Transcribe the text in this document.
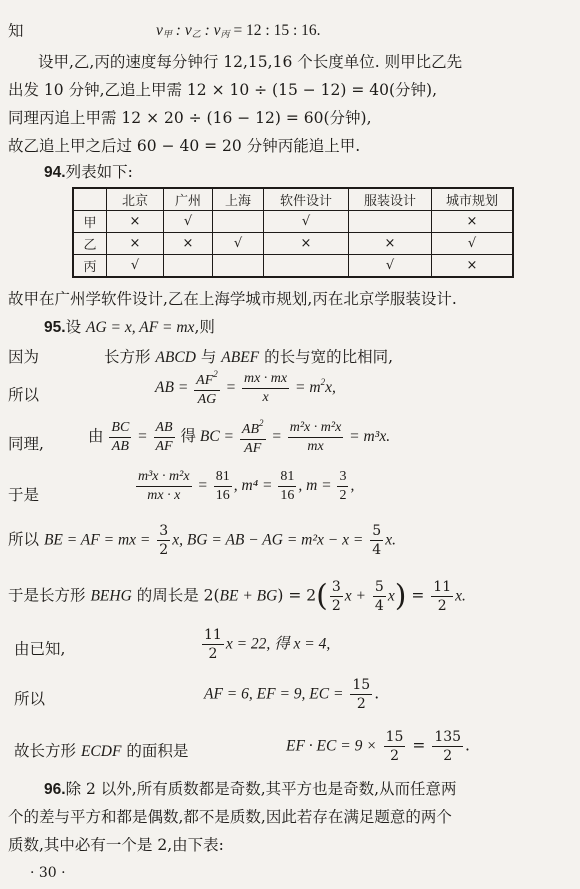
知	$v_甲$ : $v_乙$ : $v_丙 = 12$ : 15 : 16.
设甲,乙,丙的速度每分钟行 12,15,16 个长度单位. 则甲比乙先
出发 10 分钟,乙追上甲需 12 × 10 ÷ (15 − 12) = 40(分钟),
同理丙追上甲需 12 × 20 ÷ (16 − 12) = 60(分钟),
故乙追上甲之后过 60 − 40 = 20 分钟丙能追上甲.
94.列表如下:
	北京	广州	上海	软件设计	服装设计	城市规划
甲	×	√		√		×
乙	×	×	√	×	×	√
丙	√				√	×
故甲在广州学软件设计,乙在上海学城市规划,丙在北京学服装设计.
95.设 AG = x, AF = mx,则
因为	长方形 ABCD 与 ABEF 的长与宽的比相同,
所以	AB = $\frac{AF^2}{AG} = \frac{mx \cdot mx}{x} = m^2x$,
同理,	由 $\frac{BC}{AB} = \frac{AB}{AF}$ 得 BC = $\frac{AB^2}{AF} = \frac{\text{m²x · m²x}}{mx} = m^3x$.
于是	$\frac{\text{m³x · m²x}}{mx \cdot x} = \frac{81}{16}$ , $m^4 = \frac{81}{16}$ , $m = \frac{3}{2}$ ,
所以 BE = AF = mx = $\frac{3}{2} x$, BG = AB − AG = $m^2x - x = \frac{5}{4} x$.
于是长方形 BEHG 的周长是 $2(BE + BG) = 2( \frac{3}{2}$ $x + \frac{5}{4} x) = \frac{11}{2} x$.
由已知,	$\frac{11}{2}$ x = 22, 得 x = 4,
所以	AF = 6, EF = 9, EC = $\frac{15}{2}$ .
故长方形 ECDF 的面积是	EF · EC = $9 \times \frac{15}{2} = \frac{135}{2}$ .
96.除 2 以外,所有质数都是奇数,其平方也是奇数,从而任意两
个的差与平方和都是偶数,都不是质数,因此若存在满足题意的两个
质数,其中必有一个是 2,由下表:
· 30 ·
